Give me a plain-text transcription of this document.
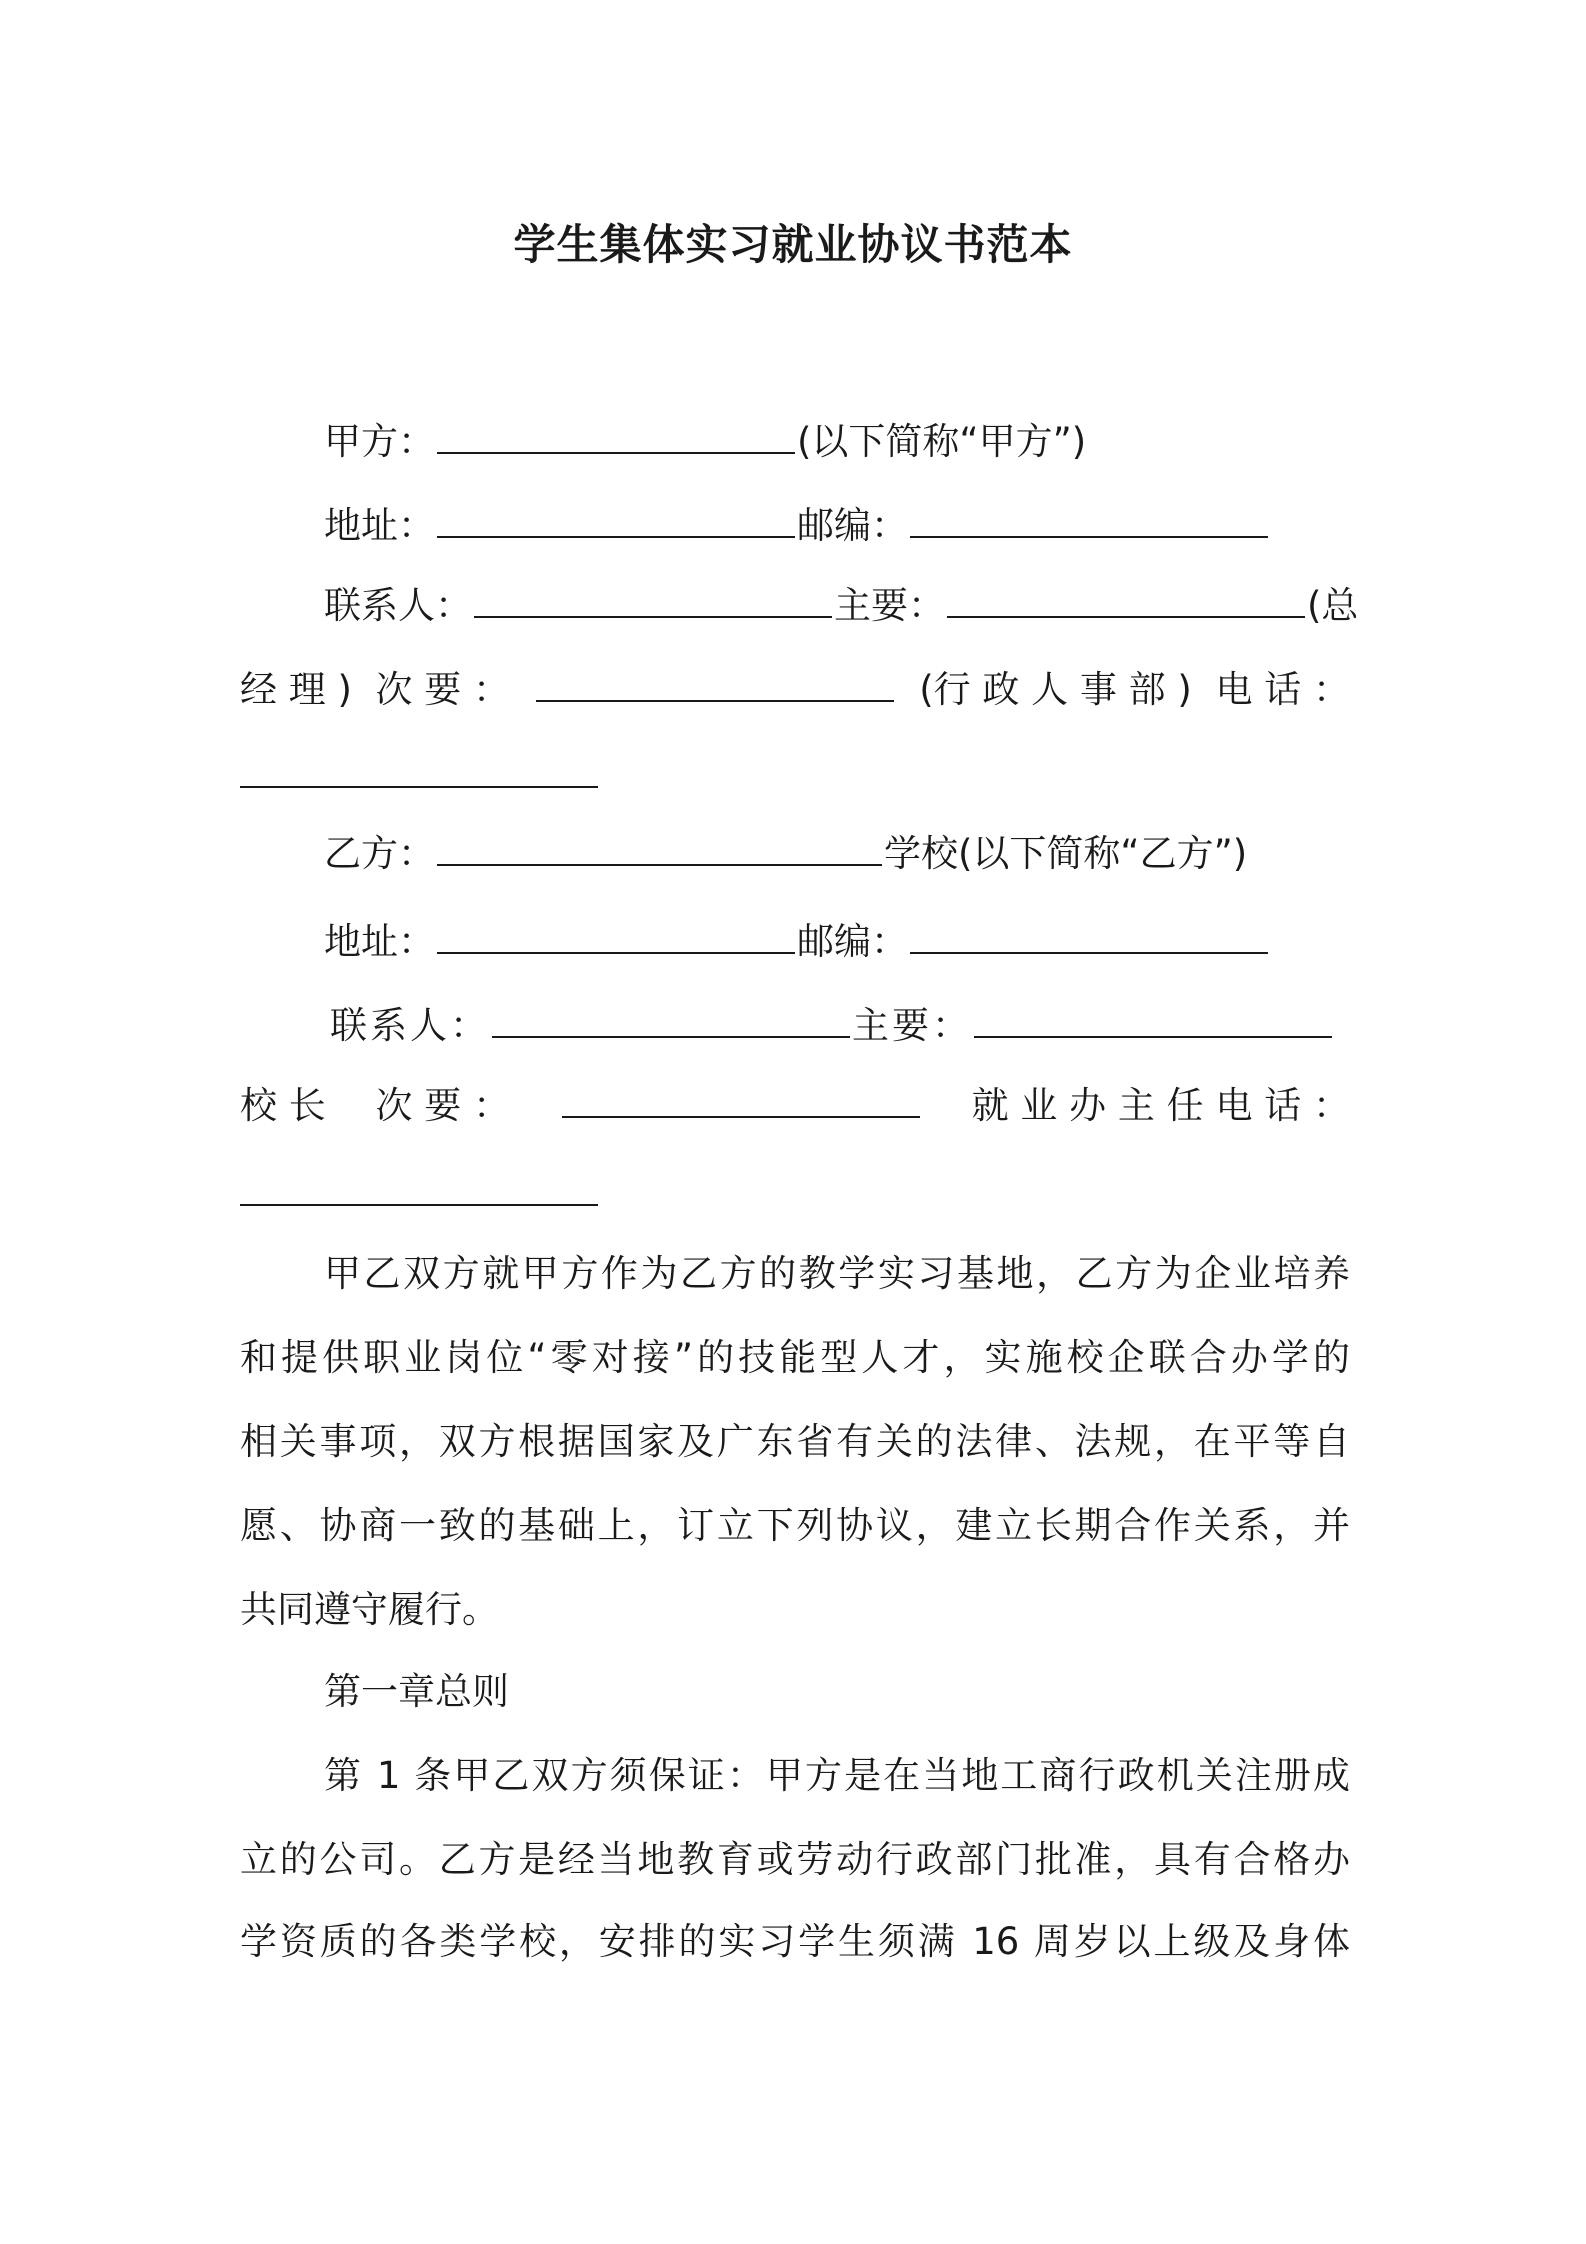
学生集体实习就业协议书范本
甲方：	(以下简称“甲方”)
地址：	邮编：
联系人：	主要：	(总
经 理 ) 次 要 ：	(行 政 人 事 部 ) 电 话 ：
乙方：	学校(以下简称“乙方”)
地址：	邮编：
联系人：	主要：
校 长 次 要 ：	就 业 办 主 任 电 话 ：
甲乙双方就甲方作为乙方的教学实习基地，乙方为企业培养
和提供职业岗位“零对接”的技能型人才，实施校企联合办学的
相关事项，双方根据国家及广东省有关的法律、法规，在平等自
愿、协商一致的基础上，订立下列协议，建立长期合作关系，并
共同遵守履行。
第一章总则
第 1 条甲乙双方须保证：甲方是在当地工商行政机关注册成
立的公司。乙方是经当地教育或劳动行政部门批准，具有合格办
学资质的各类学校，安排的实习学生须满 16 周岁以上级及身体
